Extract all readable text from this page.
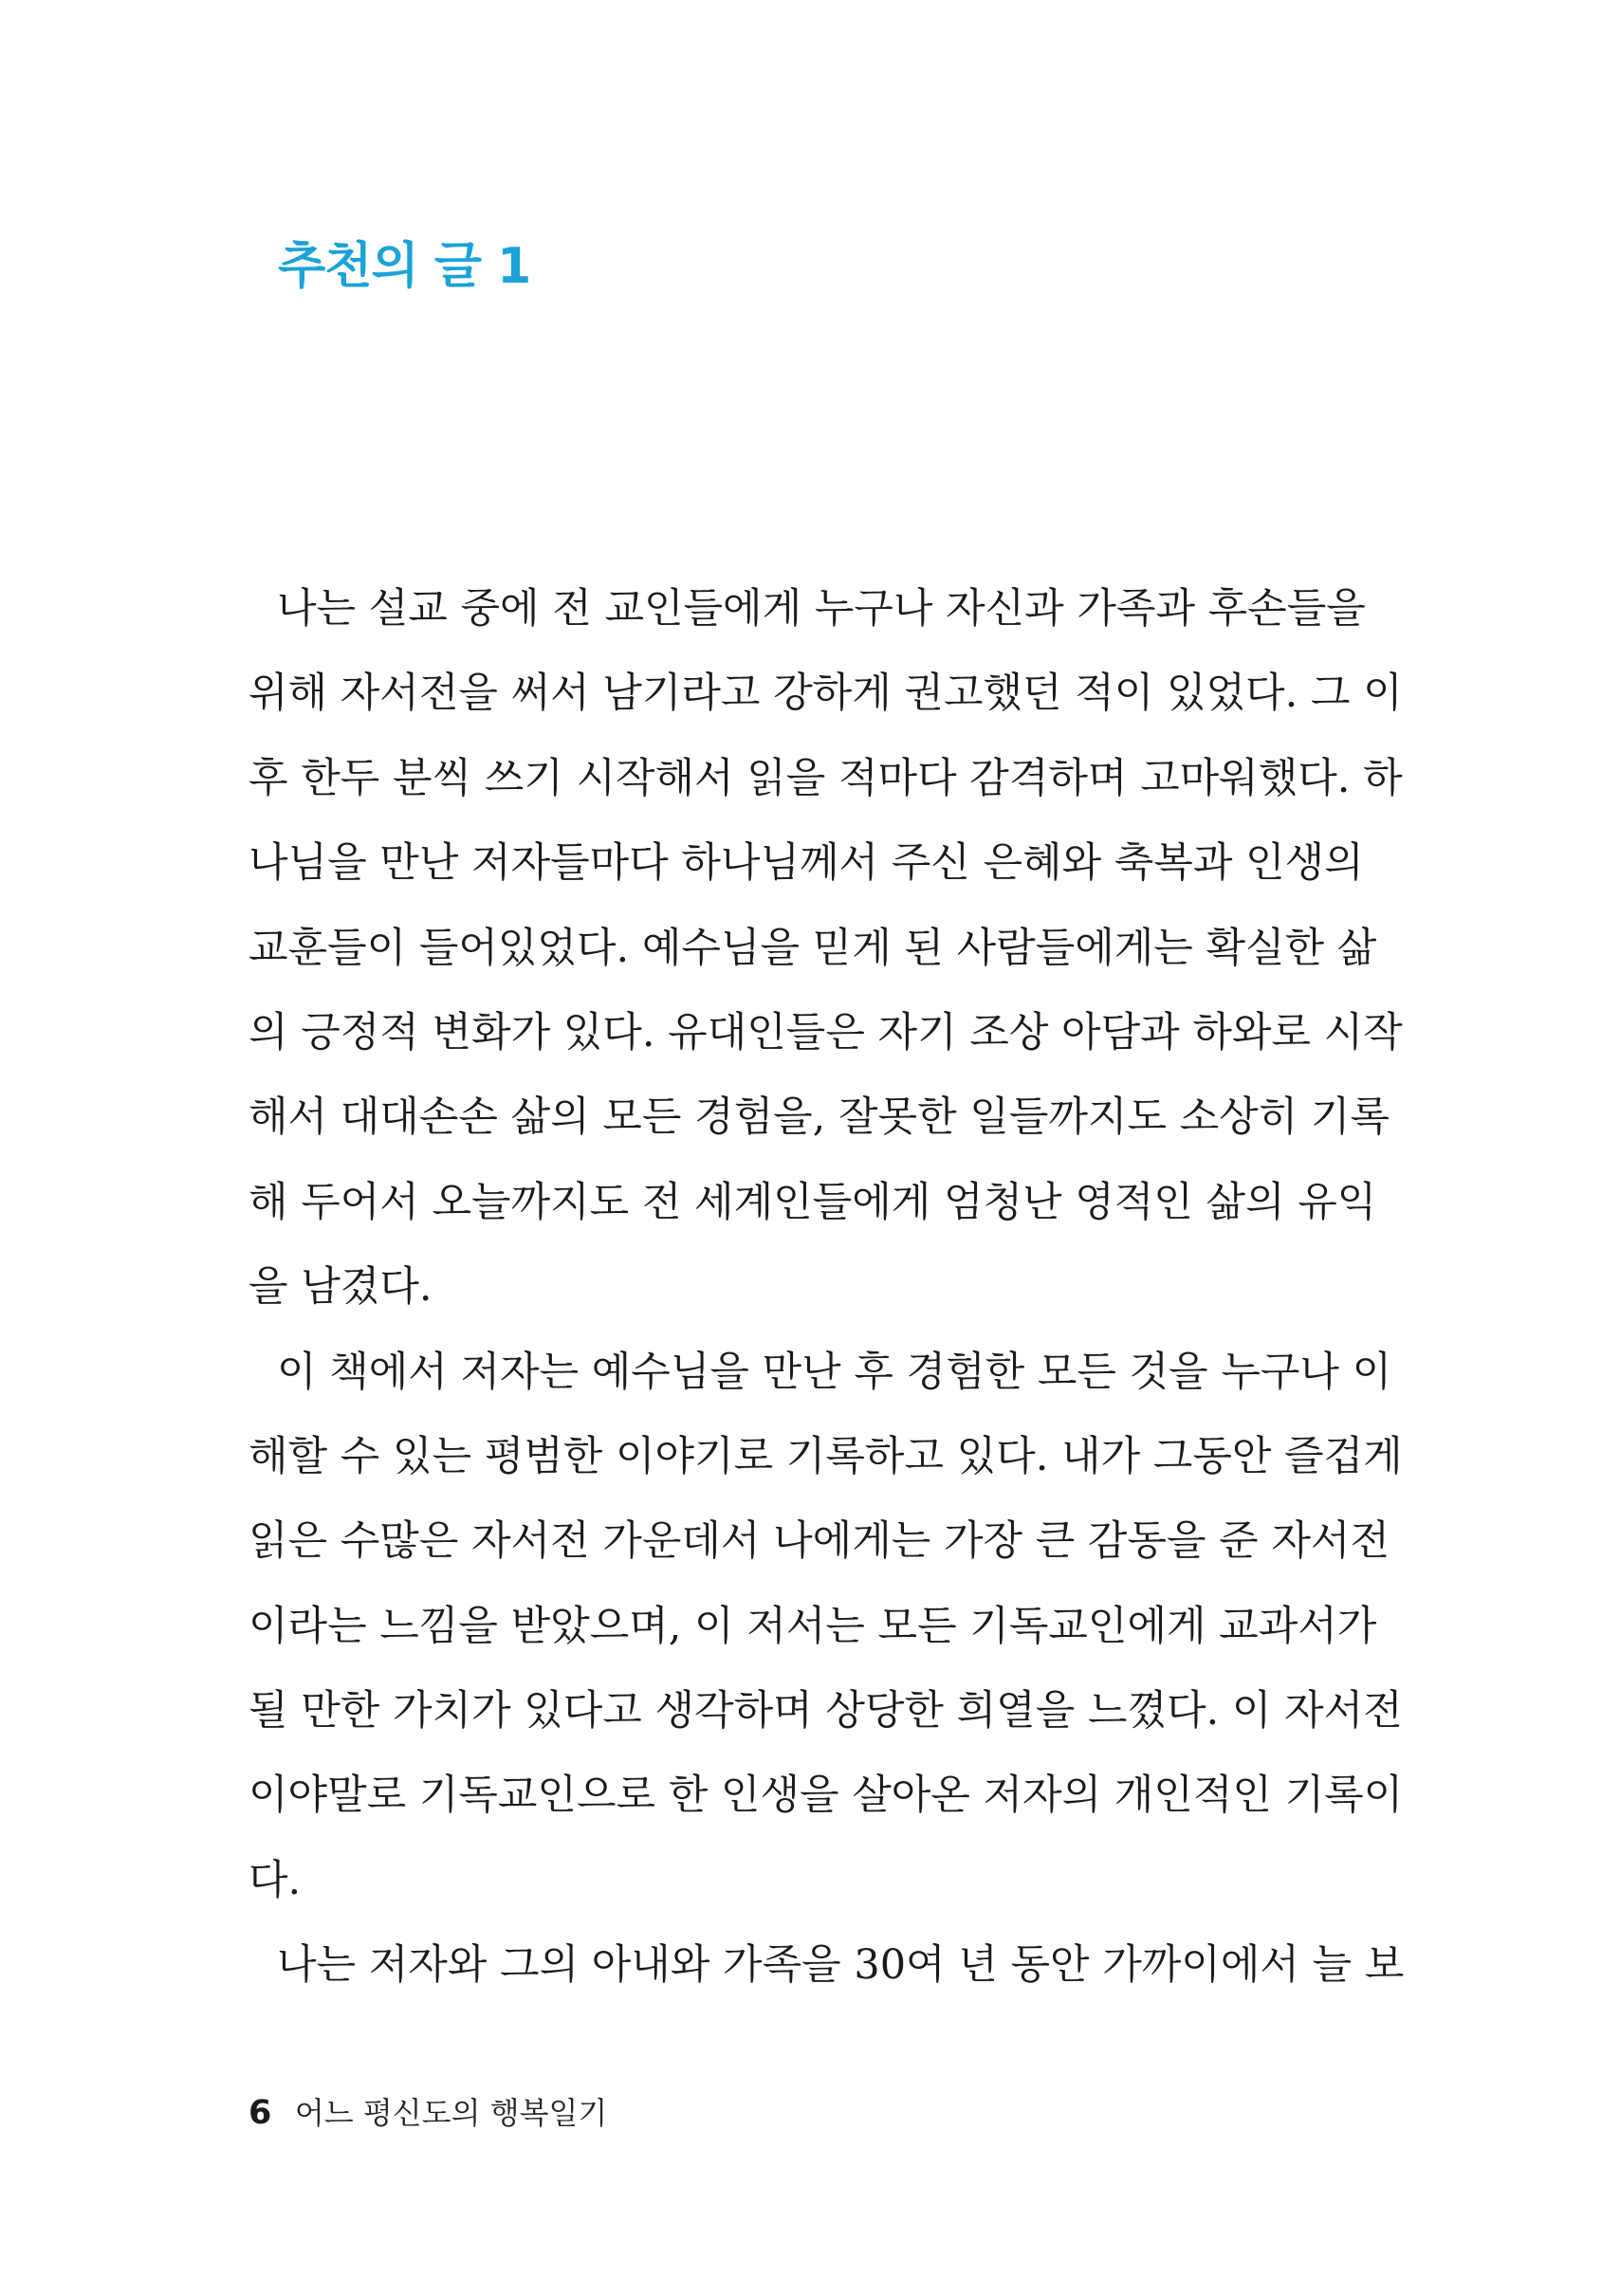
추천의 글 1
나는 설교 중에 전 교인들에게 누구나 자신과 가족과 후손들을
위해 자서전을 써서 남기라고 강하게 권고했던 적이 있었다. 그 이
후 한두 분씩 쓰기 시작해서 읽을 적마다 감격하며 고마워했다. 하
나님을 만난 저자들마다 하나님께서 주신 은혜와 축복과 인생의
교훈들이 들어있었다. 예수님을 믿게 된 사람들에게는 확실한 삶
의 긍정적 변화가 있다. 유대인들은 자기 조상 아담과 하와로 시작
해서 대대손손 삶의 모든 경험을, 잘못한 일들까지도 소상히 기록
해 두어서 오늘까지도 전 세계인들에게 엄청난 영적인 삶의 유익
을 남겼다.
이 책에서 저자는 예수님을 만난 후 경험한 모든 것을 누구나 이
해할 수 있는 평범한 이야기로 기록하고 있다. 내가 그동안 즐겁게
읽은 수많은 자서전 가운데서 나에게는 가장 큰 감동을 준 자서전
이라는 느낌을 받았으며, 이 저서는 모든 기독교인에게 교과서가
될 만한 가치가 있다고 생각하며 상당한 희열을 느꼈다. 이 자서전
이야말로 기독교인으로 한 인생을 살아온 저자의 개인적인 기록이
다.
나는 저자와 그의 아내와 가족을 30여 년 동안 가까이에서 늘 보
6 어느 평신도의 행복일기
